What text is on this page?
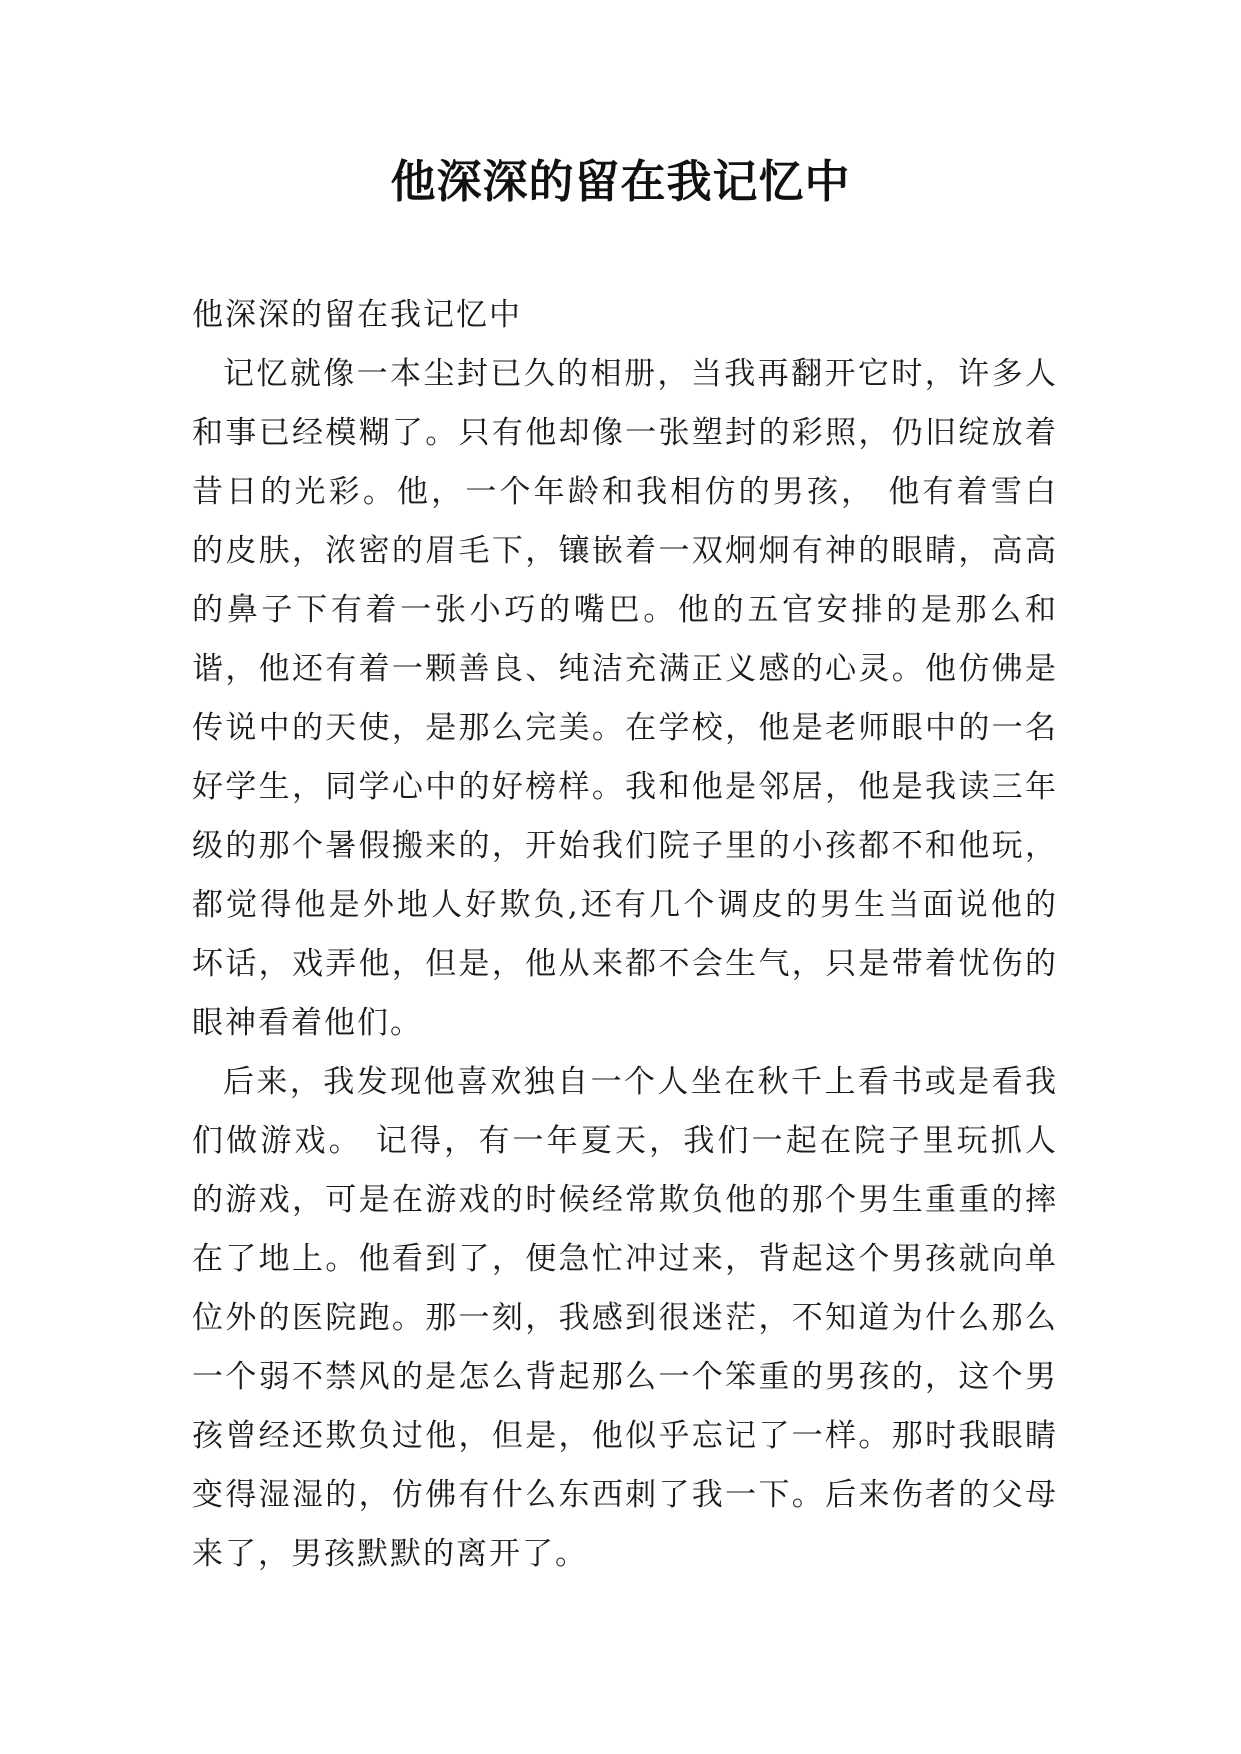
他深深的留在我记忆中

他深深的留在我记忆中

记忆就像一本尘封已久的相册，当我再翻开它时，许多人和事已经模糊了。只有他却像一张塑封的彩照，仍旧绽放着昔日的光彩。他，一个年龄和我相仿的男孩， 他有着雪白的皮肤，浓密的眉毛下，镶嵌着一双炯炯有神的眼睛，高高的鼻子下有着一张小巧的嘴巴。他的五官安排的是那么和谐，他还有着一颗善良、纯洁充满正义感的心灵。他仿佛是传说中的天使，是那么完美。在学校，他是老师眼中的一名好学生，同学心中的好榜样。我和他是邻居，他是我读三年级的那个暑假搬来的，开始我们院子里的小孩都不和他玩，都觉得他是外地人好欺负,还有几个调皮的男生当面说他的坏话，戏弄他，但是，他从来都不会生气，只是带着忧伤的眼神看着他们。

后来，我发现他喜欢独自一个人坐在秋千上看书或是看我们做游戏。 记得，有一年夏天，我们一起在院子里玩抓人的游戏，可是在游戏的时候经常欺负他的那个男生重重的摔在了地上。他看到了，便急忙冲过来，背起这个男孩就向单位外的医院跑。那一刻，我感到很迷茫，不知道为什么那么一个弱不禁风的是怎么背起那么一个笨重的男孩的，这个男孩曾经还欺负过他，但是，他似乎忘记了一样。那时我眼睛变得湿湿的，仿佛有什么东西刺了我一下。后来伤者的父母来了，男孩默默的离开了。
